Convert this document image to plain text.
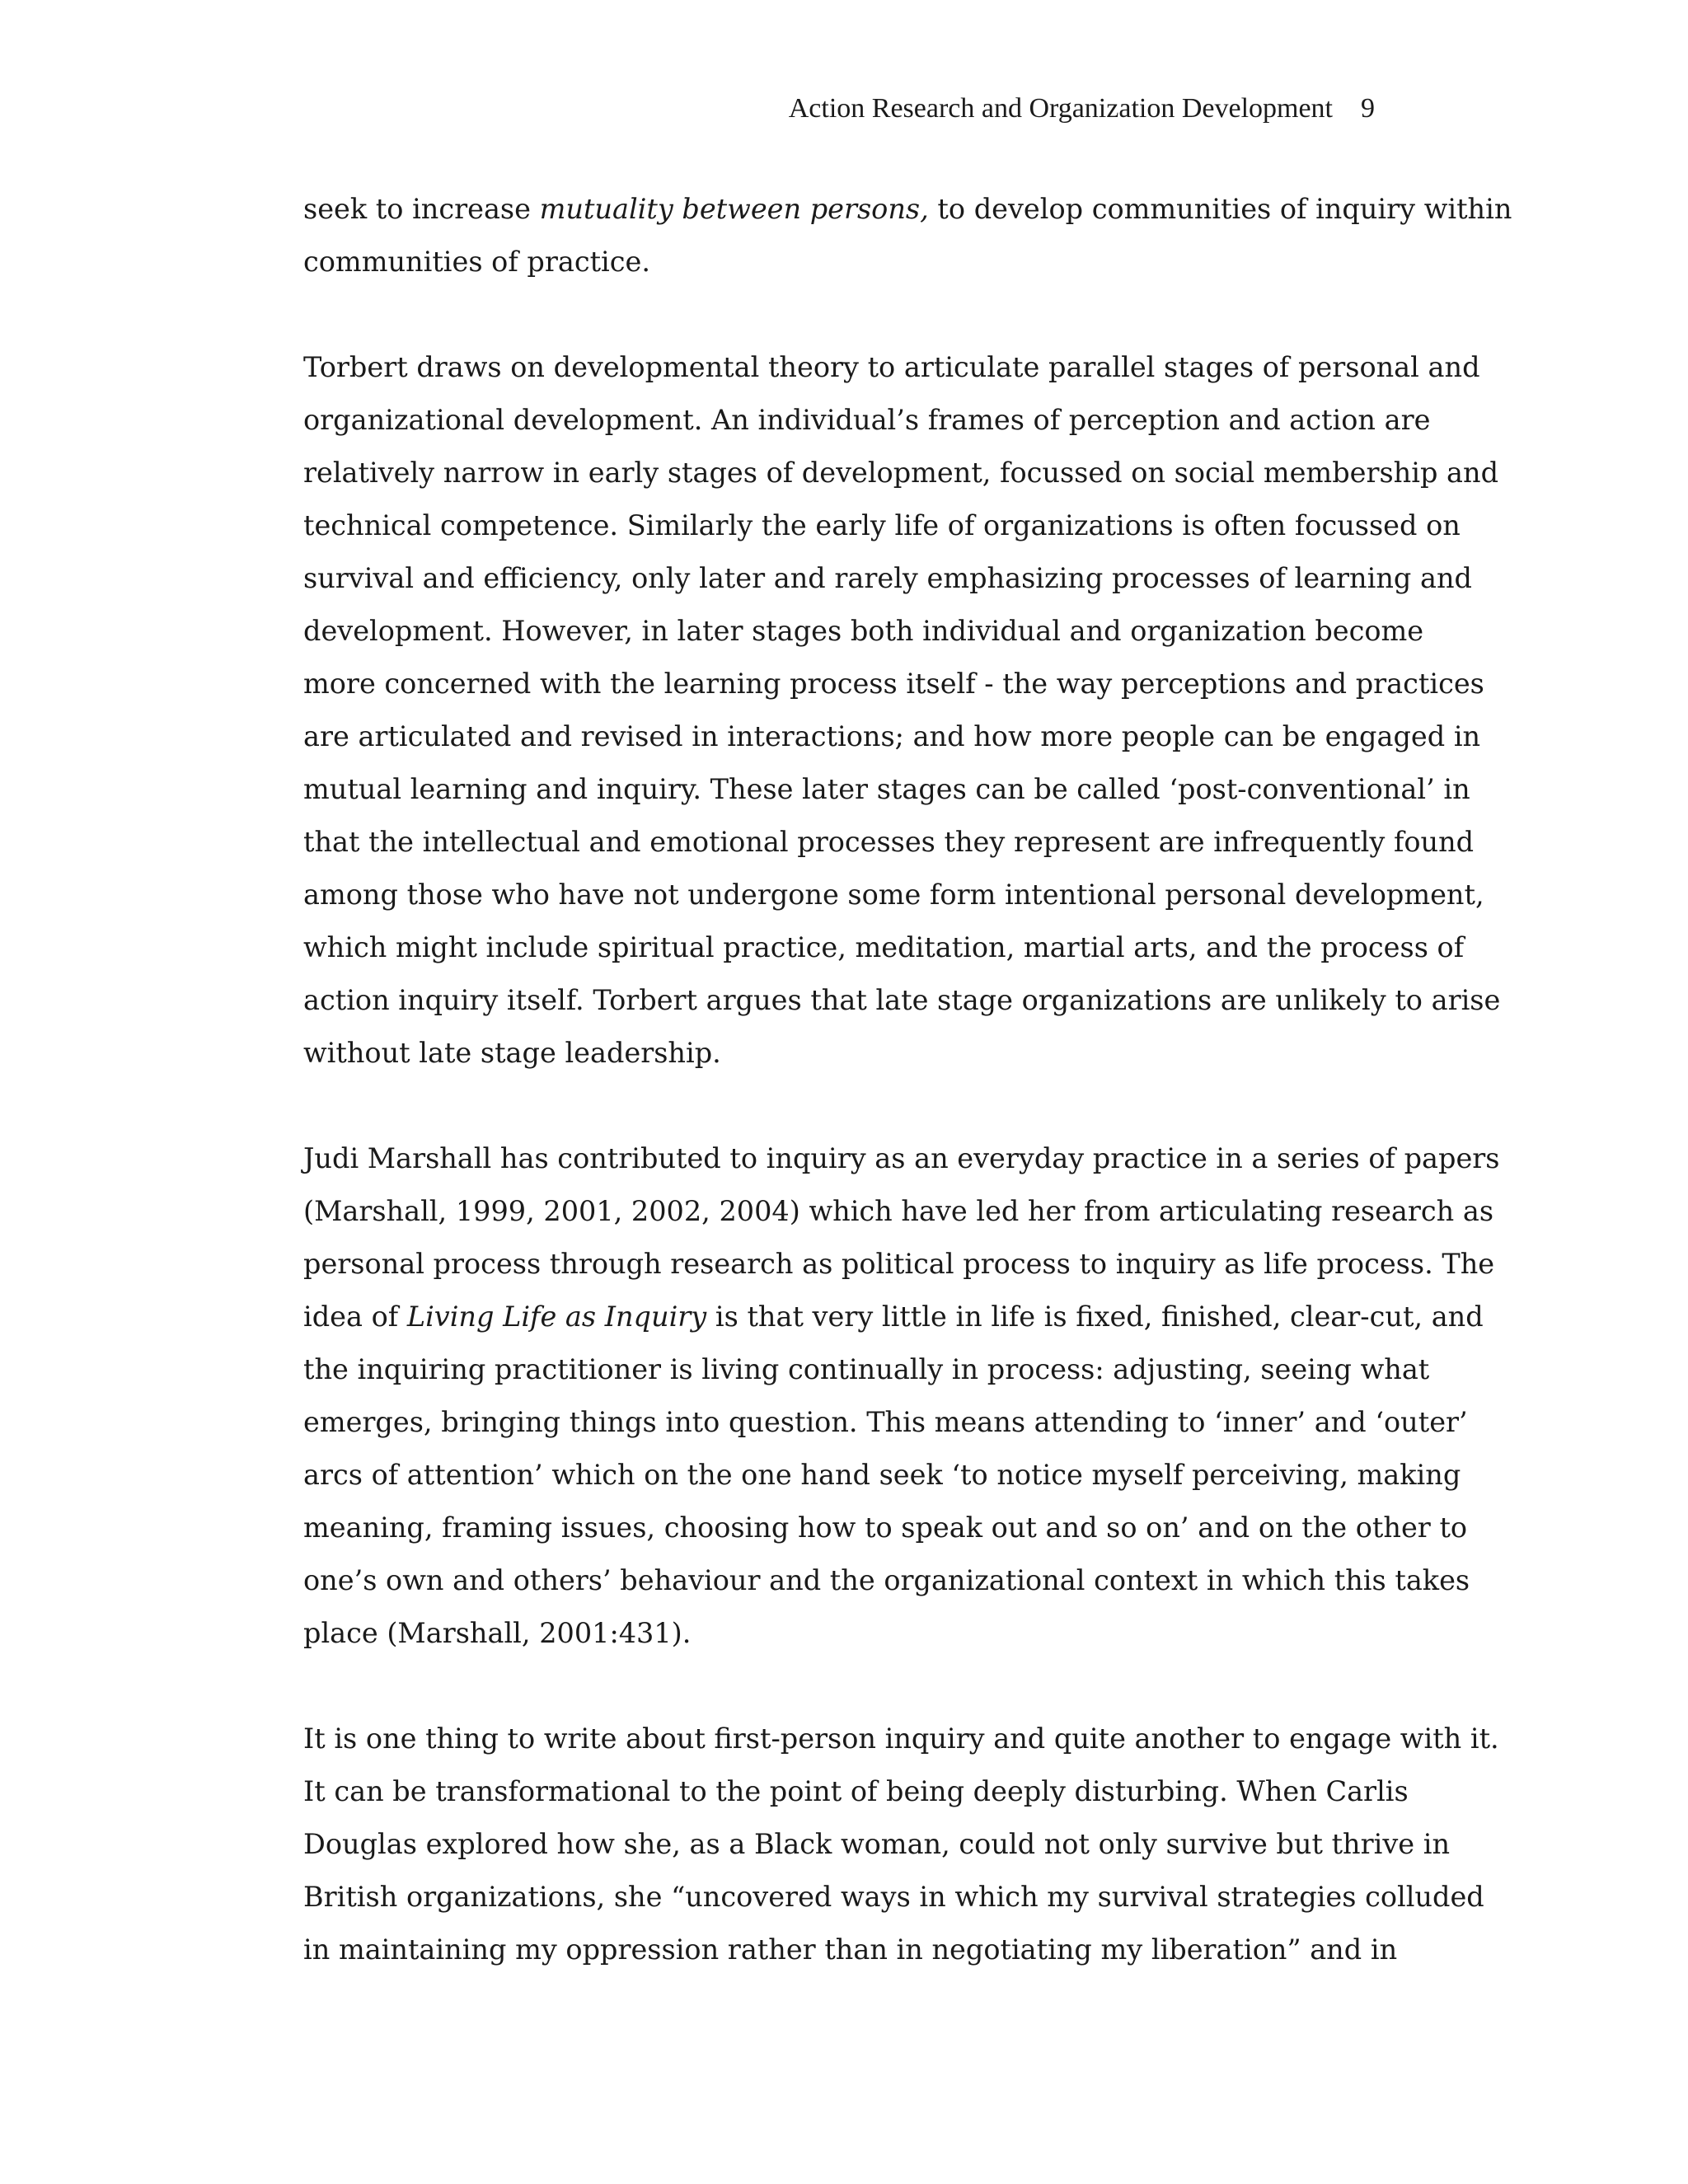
Action Research and Organization Development 9
seek to increase mutuality between persons, to develop communities of inquiry within
communities of practice.
Torbert draws on developmental theory to articulate parallel stages of personal and
organizational development. An individual’s frames of perception and action are
relatively narrow in early stages of development, focussed on social membership and
technical competence. Similarly the early life of organizations is often focussed on
survival and efficiency, only later and rarely emphasizing processes of learning and
development. However, in later stages both individual and organization become
more concerned with the learning process itself - the way perceptions and practices
are articulated and revised in interactions; and how more people can be engaged in
mutual learning and inquiry. These later stages can be called ‘post-conventional’ in
that the intellectual and emotional processes they represent are infrequently found
among those who have not undergone some form intentional personal development,
which might include spiritual practice, meditation, martial arts, and the process of
action inquiry itself. Torbert argues that late stage organizations are unlikely to arise
without late stage leadership.
Judi Marshall has contributed to inquiry as an everyday practice in a series of papers
(Marshall, 1999, 2001, 2002, 2004) which have led her from articulating research as
personal process through research as political process to inquiry as life process. The
idea of Living Life as Inquiry is that very little in life is fixed, finished, clear-cut, and
the inquiring practitioner is living continually in process: adjusting, seeing what
emerges, bringing things into question. This means attending to ‘inner’ and ‘outer’
arcs of attention’ which on the one hand seek ‘to notice myself perceiving, making
meaning, framing issues, choosing how to speak out and so on’ and on the other to
one’s own and others’ behaviour and the organizational context in which this takes
place (Marshall, 2001:431).
It is one thing to write about first-person inquiry and quite another to engage with it.
It can be transformational to the point of being deeply disturbing. When Carlis
Douglas explored how she, as a Black woman, could not only survive but thrive in
British organizations, she “uncovered ways in which my survival strategies colluded
in maintaining my oppression rather than in negotiating my liberation” and in
